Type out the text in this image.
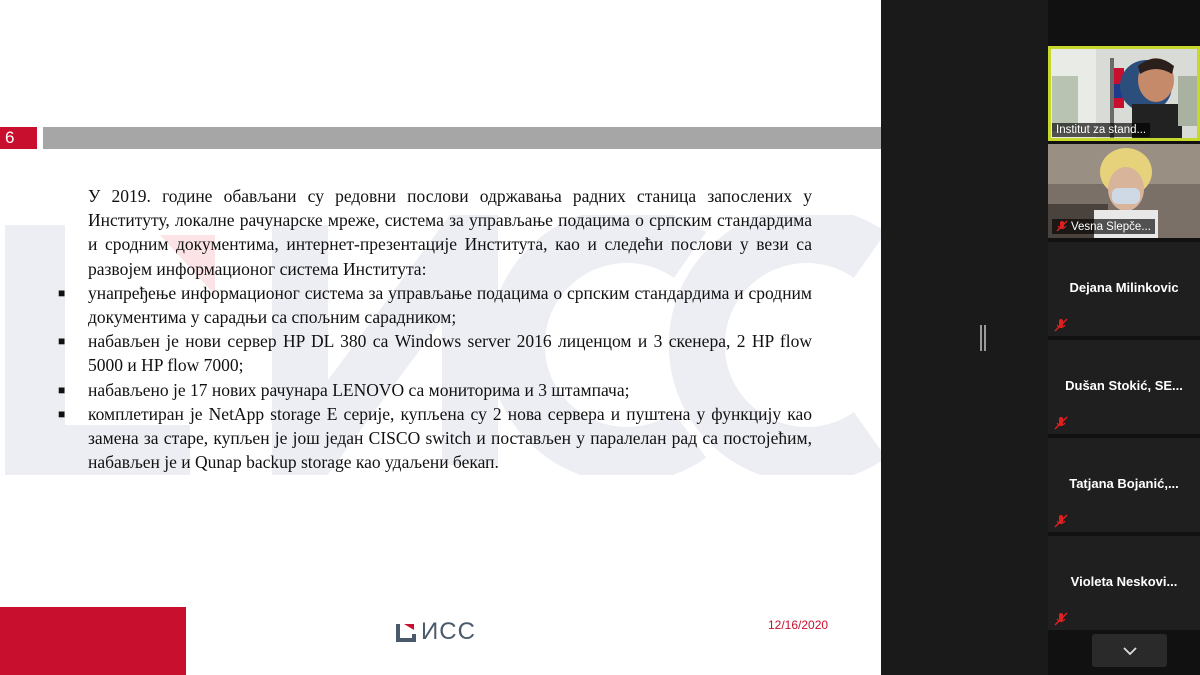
6

У 2019. године обављани су редовни послови одржавања радних станица запослених у Институту, локалне рачунарске мреже, система за управљање подацима о српским стандардима и сродним документима, интернет-презентације Института, као и следећи послови у вези са развојем информационог система Института:

■ унапређење информационог система за управљање подацима о српским стандардима и сродним документима у сарадњи са спољним сарадником;
■ набављен је нови сервер HP DL 380 са Windows server 2016 лиценцом и 3 скенера, 2 HP flow 5000 и HP flow 7000;
■ набављено је 17 нових рачунара LENOVO са мониторима и 3 штампача;
■ комплетиран је NetApp storage E серије, купљена су 2 нова сервера и пуштена у функцију као замена за старе, купљен је још један CISCO switch и постављен у паралелан рад са постојећим, набављен је и Qunap backup storage као удаљени бекап.
ИСС	12/16/2020
Institut za stand...
Vesna Slepče...
Dejana Milinkovic
Dušan Stokić, SE...
Tatjana Bojanić,...
Violeta Neskovi...
